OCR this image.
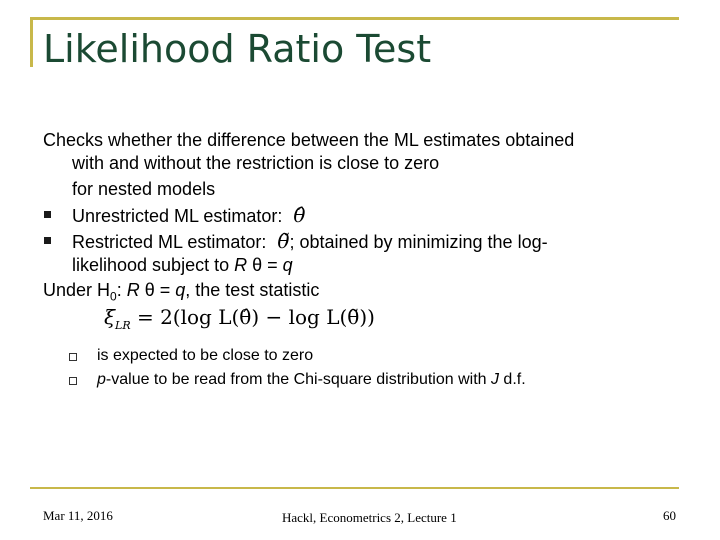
Likelihood Ratio Test
Checks whether the difference between the ML estimates obtained
with and without the restriction is close to zero
for nested models
Unrestricted ML estimator: θ̂
Restricted ML estimator: θ̃; obtained by minimizing the log-
likelihood subject to R θ = q
Under $H_0$: R θ = q, the test statistic
$\xi_{LR} = 2(\log$ L(θ̂) − log L(θ̃))
is expected to be close to zero
p-value to be read from the Chi-square distribution with J d.f.
Mar 11, 2016	Hackl, Econometrics 2, Lecture 1	60
